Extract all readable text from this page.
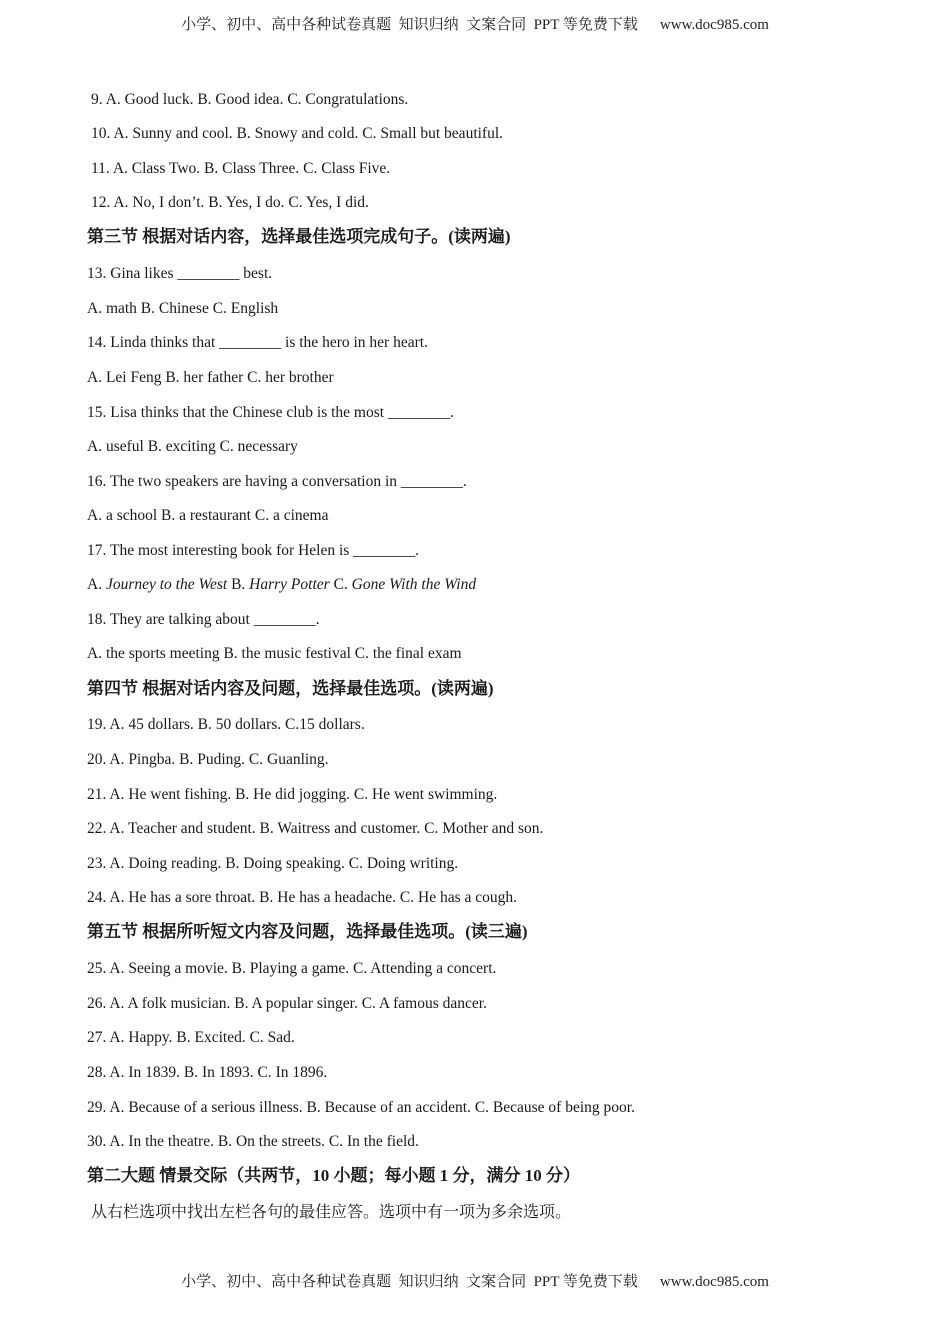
小学、初中、高中各种试卷真题  知识归纳  文案合同  PPT 等免费下载 www.doc985.com
9. A. Good luck. B. Good idea. C. Congratulations.
10. A. Sunny and cool. B. Snowy and cold. C. Small but beautiful.
11. A. Class Two. B. Class Three. C. Class Five.
12. A. No, I don’t. B. Yes, I do. C. Yes, I did.
第三节 根据对话内容，选择最佳选项完成句子。(读两遍)
13. Gina likes ________ best.
A. math B. Chinese C. English
14. Linda thinks that ________ is the hero in her heart.
A. Lei Feng B. her father C. her brother
15. Lisa thinks that the Chinese club is the most ________.
A. useful B. exciting C. necessary
16. The two speakers are having a conversation in ________.
A. a school B. a restaurant C. a cinema
17. The most interesting book for Helen is ________.
A. Journey to the West B. Harry Potter C. Gone With the Wind
18. They are talking about ________.
A. the sports meeting B. the music festival C. the final exam
第四节 根据对话内容及问题，选择最佳选项。(读两遍)
19. A. 45 dollars. B. 50 dollars. C.15 dollars.
20. A. Pingba. B. Puding. C. Guanling.
21. A. He went fishing. B. He did jogging. C. He went swimming.
22. A. Teacher and student. B. Waitress and customer. C. Mother and son.
23. A. Doing reading. B. Doing speaking. C. Doing writing.
24. A. He has a sore throat. B. He has a headache. C. He has a cough.
第五节 根据所听短文内容及问题，选择最佳选项。(读三遍)
25. A. Seeing a movie. B. Playing a game. C. Attending a concert.
26. A. A folk musician. B. A popular singer. C. A famous dancer.
27. A. Happy. B. Excited. C. Sad.
28. A. In 1839. B. In 1893. C. In 1896.
29. A. Because of a serious illness. B. Because of an accident. C. Because of being poor.
30. A. In the theatre. B. On the streets. C. In the field.
第二大题 情景交际（共两节，10 小题；每小题 1 分，满分 10 分）
从右栏选项中找出左栏各句的最佳应答。选项中有一项为多余选项。
小学、初中、高中各种试卷真题  知识归纳  文案合同  PPT 等免费下载 www.doc985.com
